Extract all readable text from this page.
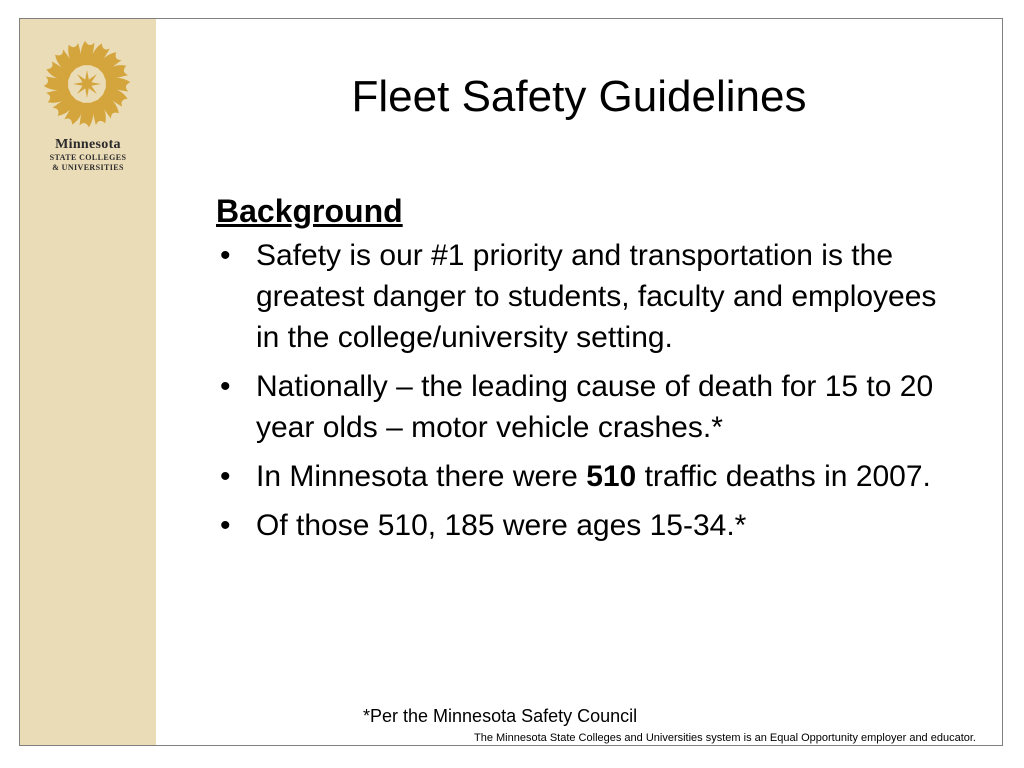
Minnesota
STATE COLLEGES
& UNIVERSITIES
Fleet Safety Guidelines
Background
• Safety is our #1 priority and transportation is the greatest danger to students, faculty and employees in the college/university setting.
• Nationally – the leading cause of death for 15 to 20 year olds – motor vehicle crashes.*
• In Minnesota there were 510 traffic deaths in 2007.
• Of those 510, 185 were ages 15-34.*
*Per the Minnesota Safety Council
The Minnesota State Colleges and Universities system is an Equal Opportunity employer and educator.
